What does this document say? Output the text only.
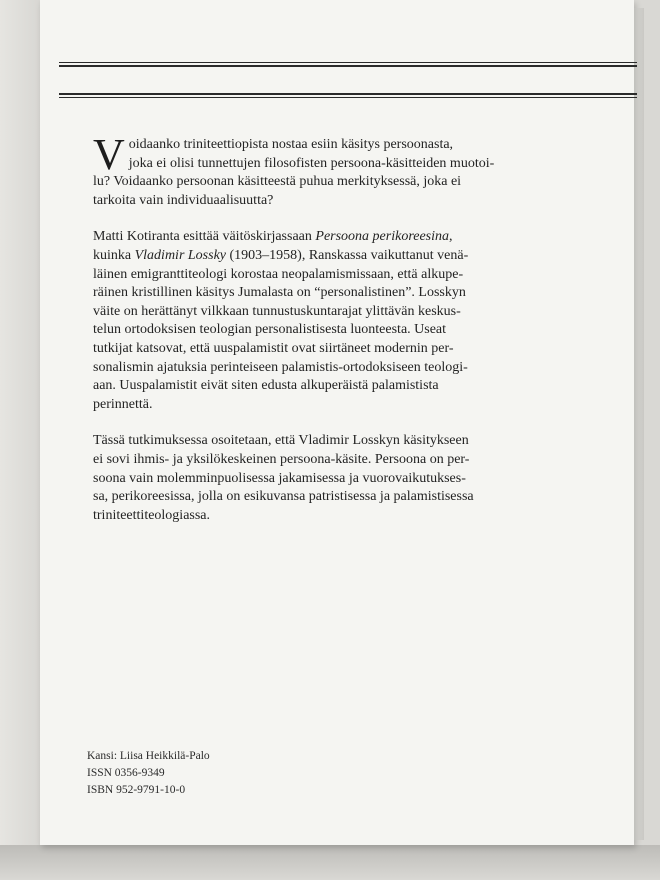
V oidaanko triniteettiopista nostaa esiin käsitys persoonasta,
joka ei olisi tunnettujen filosofisten persoona-käsitteiden muotoi-
lu? Voidaanko persoonan käsitteestä puhua merkityksessä, joka ei
tarkoita vain individuaalisuutta?

Matti Kotiranta esittää väitöskirjassaan Persoona perikoreesina,
kuinka Vladimir Lossky (1903–1958), Ranskassa vaikuttanut venä-
läinen emigranttiteologi korostaa neopalamismissaan, että alkupe-
räinen kristillinen käsitys Jumalasta on “personalistinen”. Losskyn
väite on herättänyt vilkkaan tunnustuskuntarajat ylittävän keskus-
telun ortodoksisen teologian personalistisesta luonteesta. Useat
tutkijat katsovat, että uuspalamistit ovat siirtäneet modernin per-
sonalismin ajatuksia perinteiseen palamistis-ortodoksiseen teologi-
aan. Uuspalamistit eivät siten edusta alkuperäistä palamistista
perinnettä.

Tässä tutkimuksessa osoitetaan, että Vladimir Losskyn käsitykseen
ei sovi ihmis- ja yksilökeskeinen persoona-käsite. Persoona on per-
soona vain molemminpuolisessa jakamisessa ja vuorovaikutukses-
sa, perikoreesissa, jolla on esikuvansa patristisessa ja palamistisessa
triniteettiteologiassa.

Kansi: Liisa Heikkilä-Palo
ISSN 0356-9349
ISBN 952-9791-10-0
